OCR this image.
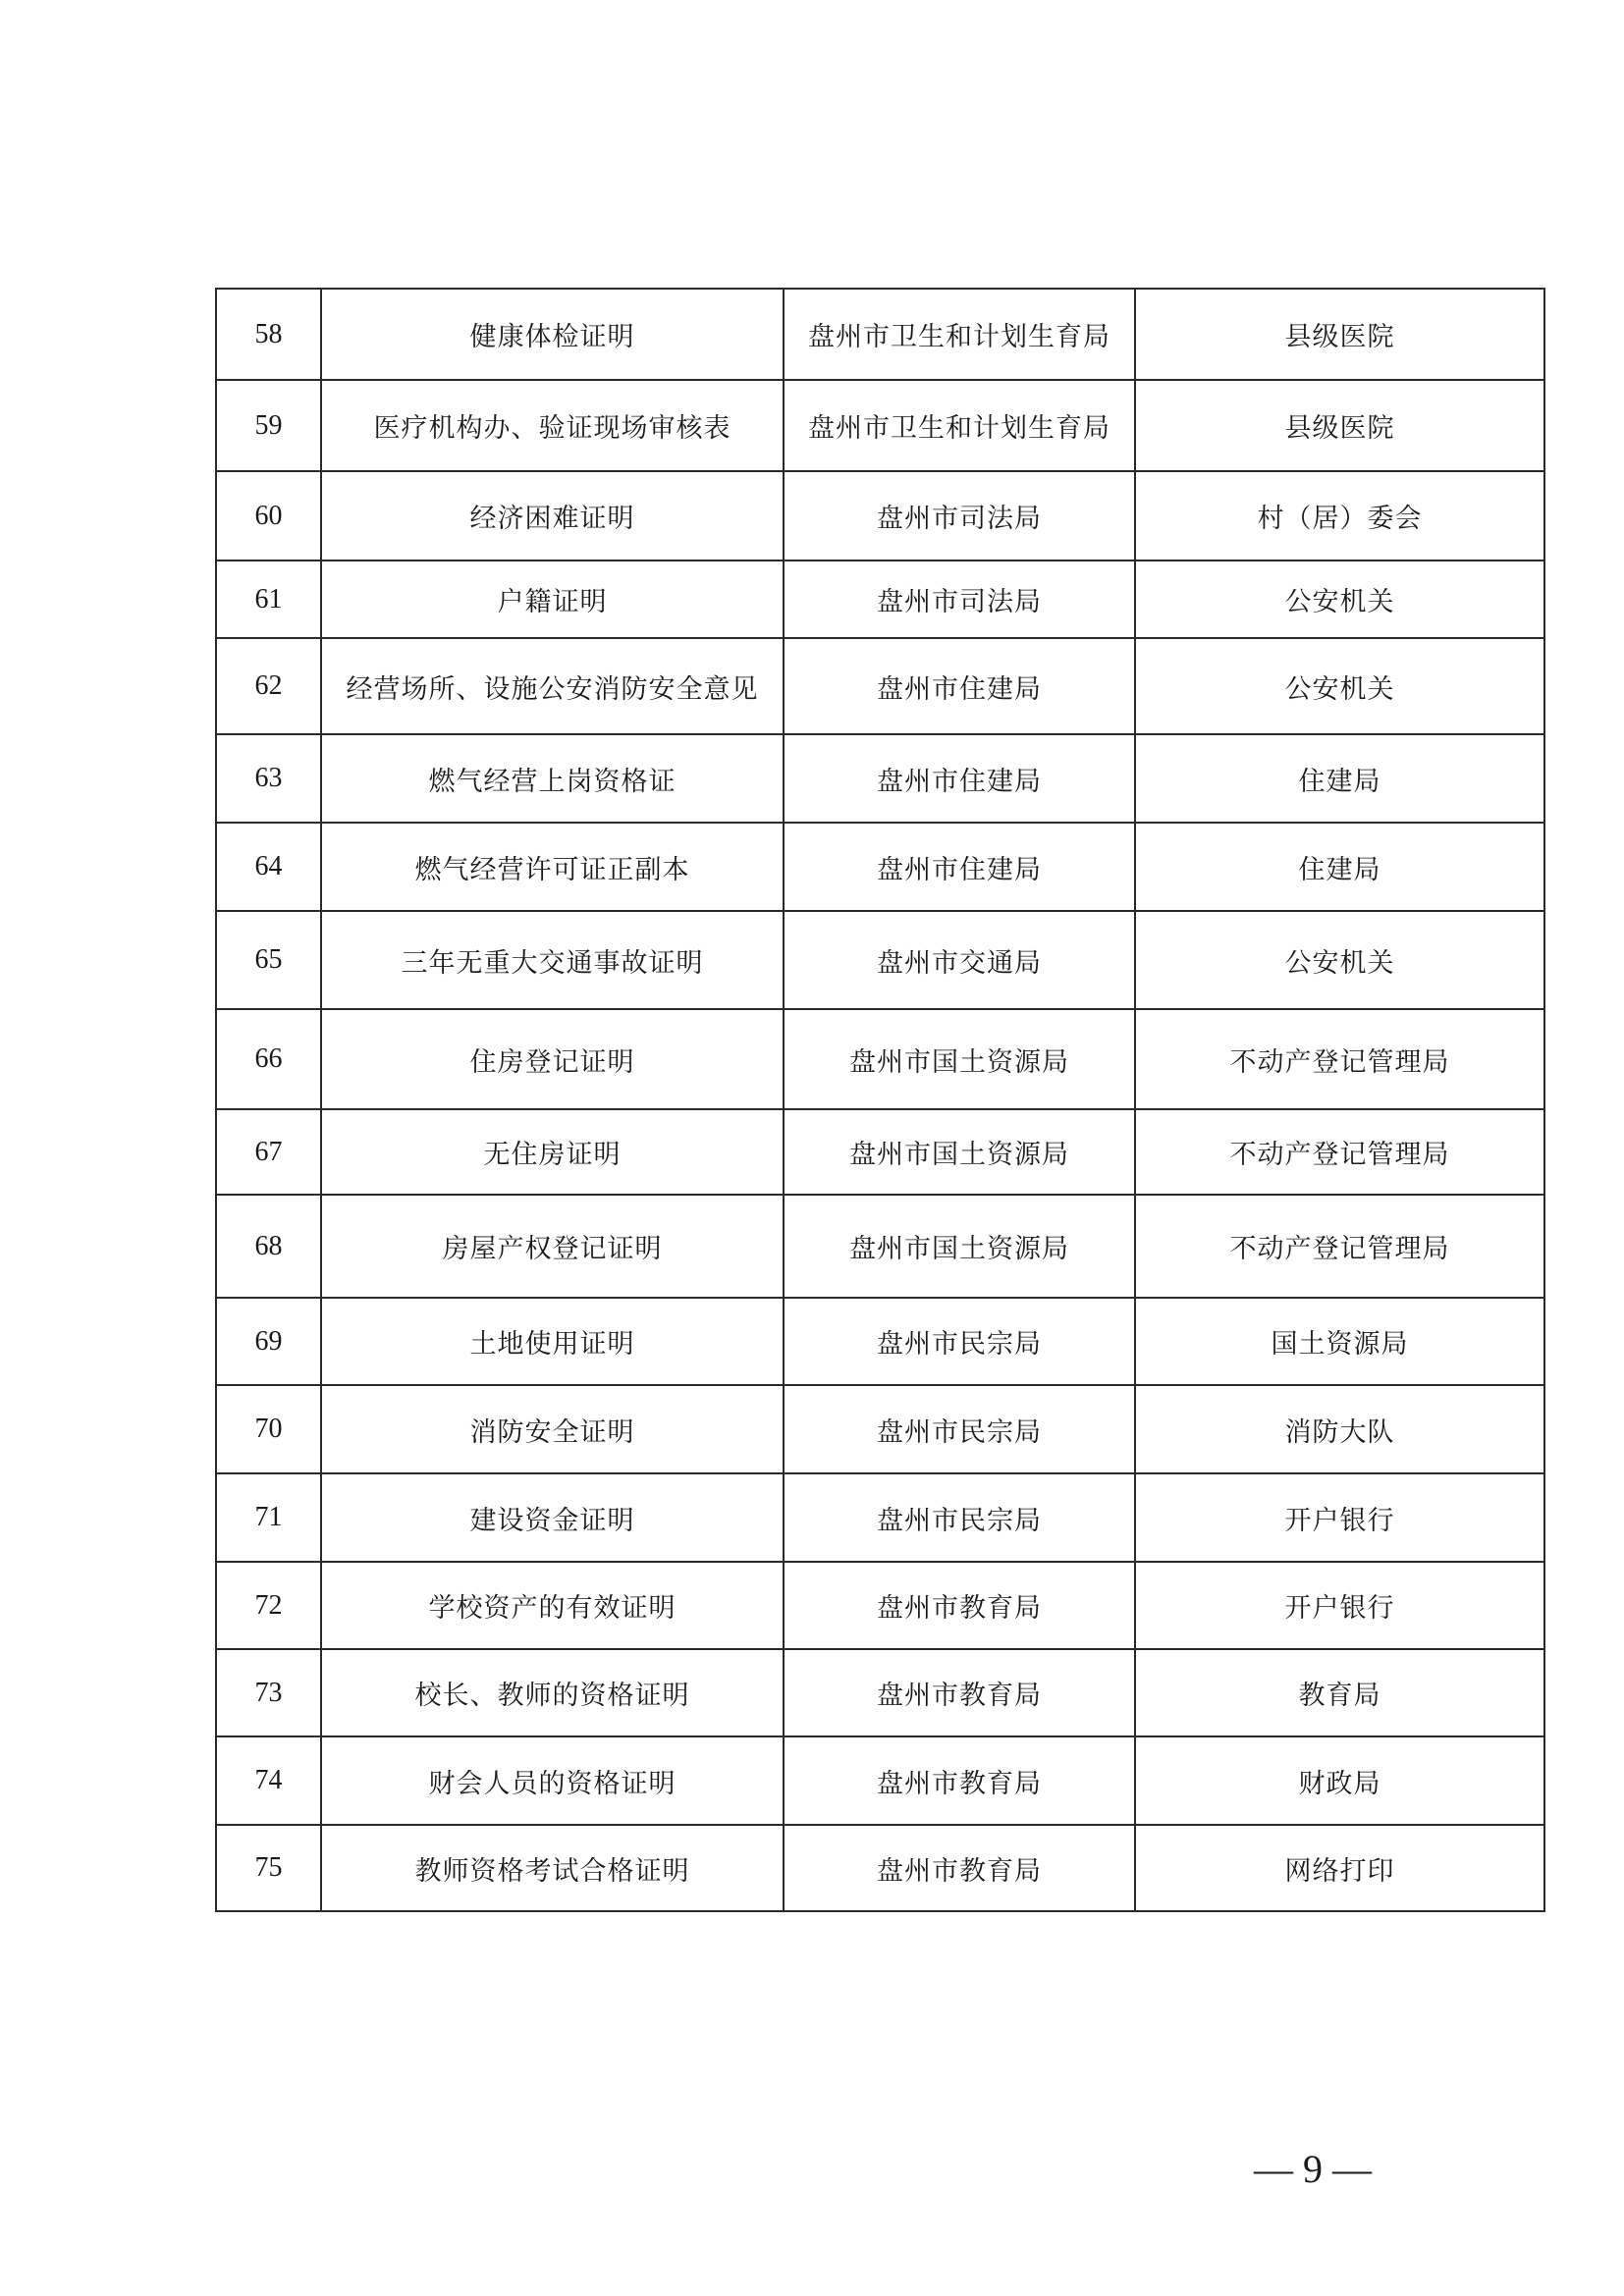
58	健康体检证明	盘州市卫生和计划生育局	县级医院
59	医疗机构办、验证现场审核表	盘州市卫生和计划生育局	县级医院
60	经济困难证明	盘州市司法局	村（居）委会
61	户籍证明	盘州市司法局	公安机关
62	经营场所、设施公安消防安全意见	盘州市住建局	公安机关
63	燃气经营上岗资格证	盘州市住建局	住建局
64	燃气经营许可证正副本	盘州市住建局	住建局
65	三年无重大交通事故证明	盘州市交通局	公安机关
66	住房登记证明	盘州市国土资源局	不动产登记管理局
67	无住房证明	盘州市国土资源局	不动产登记管理局
68	房屋产权登记证明	盘州市国土资源局	不动产登记管理局
69	土地使用证明	盘州市民宗局	国土资源局
70	消防安全证明	盘州市民宗局	消防大队
71	建设资金证明	盘州市民宗局	开户银行
72	学校资产的有效证明	盘州市教育局	开户银行
73	校长、教师的资格证明	盘州市教育局	教育局
74	财会人员的资格证明	盘州市教育局	财政局
75	教师资格考试合格证明	盘州市教育局	网络打印
— 9 —
